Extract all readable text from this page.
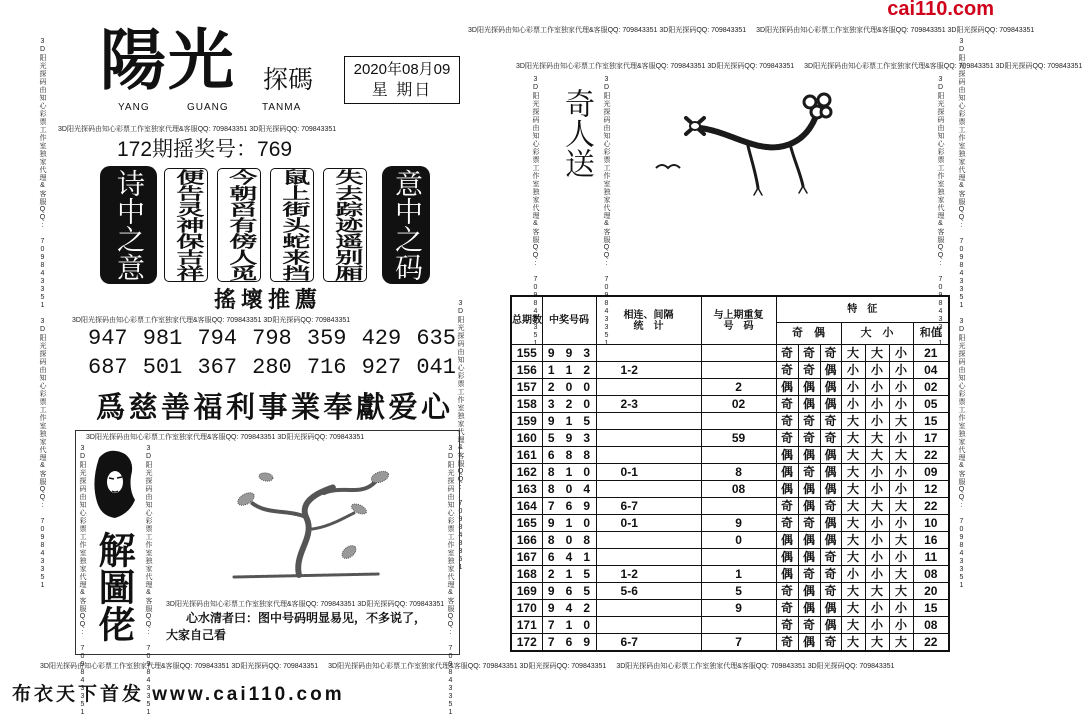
cai110.com
3D阳光探码由知心彩票工作室独家代理&客服QQ: 709843351 3D阳光探码QQ: 709843351 3D阳光探码由知心彩票工作室独家代理&客服QQ: 709843351 3D阳光探码QQ: 709843351
3D阳光探码由知心彩票工作室独家代理&客服QQ: 709843351 3D阳光探码由知心彩票工作室独家代理&客服QQ: 709843351
3D阳光探码由知心彩票工作室独家代理&客服QQ: 709843351 3D阳光探码由知心彩票工作室独家代理&客服QQ: 709843351
3D阳光探码由知心彩票工作室独家代理&客服QQ: 709843351
陽光 探碼
YANG	GUANG	TANMA
2020年08月09
星 期日
3D阳光探码由知心彩票工作室独家代理&客服QQ: 709843351 3D阳光探码QQ: 709843351
172期摇奖号：769
诗中之意	便告灵神保吉祥 今朝舀有傍人觅 鼠上街头蛇来挡 失去踪迹遥别厢	意中之码
搖壞推薦
3D阳光探码由知心彩票工作室独家代理&客服QQ: 709843351 3D阳光探码QQ: 709843351
947 981 794 798 359 429 635
687 501 367 280 716 927 041
爲慈善福利事業奉獻爱心
3D阳光探码由知心彩票工作室独家代理&客服QQ: 709843351 3D阳光探码QQ: 709843351
3D阳光探码由知心彩票工作室独家代理&客服QQ: 709843351 解圖佬 3D阳光探码由知心彩票工作室独家代理&客服QQ: 709843351 3D阳光探码由知心彩票工作室独家代理&客服QQ: 709843351 3D阳光探码QQ: 709843351
心水清者曰：图中号码明显易见，不多说了，
大家自己看	3D阳光探码由知心彩票工作室独家代理&客服QQ: 709843351
3D阳光探码由知心彩票工作室独家代理&客服QQ: 709843351 3D阳光探码QQ: 709843351 3D阳光探码由知心彩票工作室独家代理&客服QQ: 709843351 3D阳光探码QQ: 709843351
3D阳光探码由知心彩票工作室独家代理&客服QQ: 709843351 奇人送 3D阳光探码由知心彩票工作室独家代理&客服QQ: 709843351	3D阳光探码由知心彩票工作室独家代理&客服QQ: 709843351
总期数	中奖号码			相连、间隔
统　计	与上期重复
号　码	特　征						
						奇　偶			大　小			和值
155	9	9	3			奇	奇	奇	大	大	小	21
156	1	1	2	1-2		奇	奇	偶	小	小	小	04
157	2	0	0		2	偶	偶	偶	小	小	小	02
158	3	2	0	2-3	02	奇	偶	偶	小	小	小	05
159	9	1	5			奇	奇	奇	大	小	大	15
160	5	9	3		59	奇	奇	奇	大	大	小	17
161	6	8	8			偶	偶	偶	大	大	大	22
162	8	1	0	0-1	8	偶	奇	偶	大	小	小	09
163	8	0	4		08	偶	偶	偶	大	小	小	12
164	7	6	9	6-7		奇	偶	奇	大	大	大	22
165	9	1	0	0-1	9	奇	奇	偶	大	小	小	10
166	8	0	8		0	偶	偶	偶	大	小	大	16
167	6	4	1			偶	偶	奇	大	小	小	11
168	2	1	5	1-2	1	偶	奇	奇	小	小	大	08
169	9	6	5	5-6	5	奇	偶	奇	大	大	大	20
170	9	4	2		9	奇	偶	偶	大	小	小	15
171	7	1	0			奇	奇	偶	大	小	小	08
172	7	6	9	6-7	7	奇	偶	奇	大	大	大	22
3D阳光探码由知心彩票工作室独家代理&客服QQ: 709843351 3D阳光探码QQ: 709843351 3D阳光探码由知心彩票工作室独家代理&客服QQ: 709843351 3D阳光探码QQ: 709843351 3D阳光探码由知心彩票工作室独家代理&客服QQ: 709843351 3D阳光探码QQ: 709843351
布衣天下首发 www.cai110.com
